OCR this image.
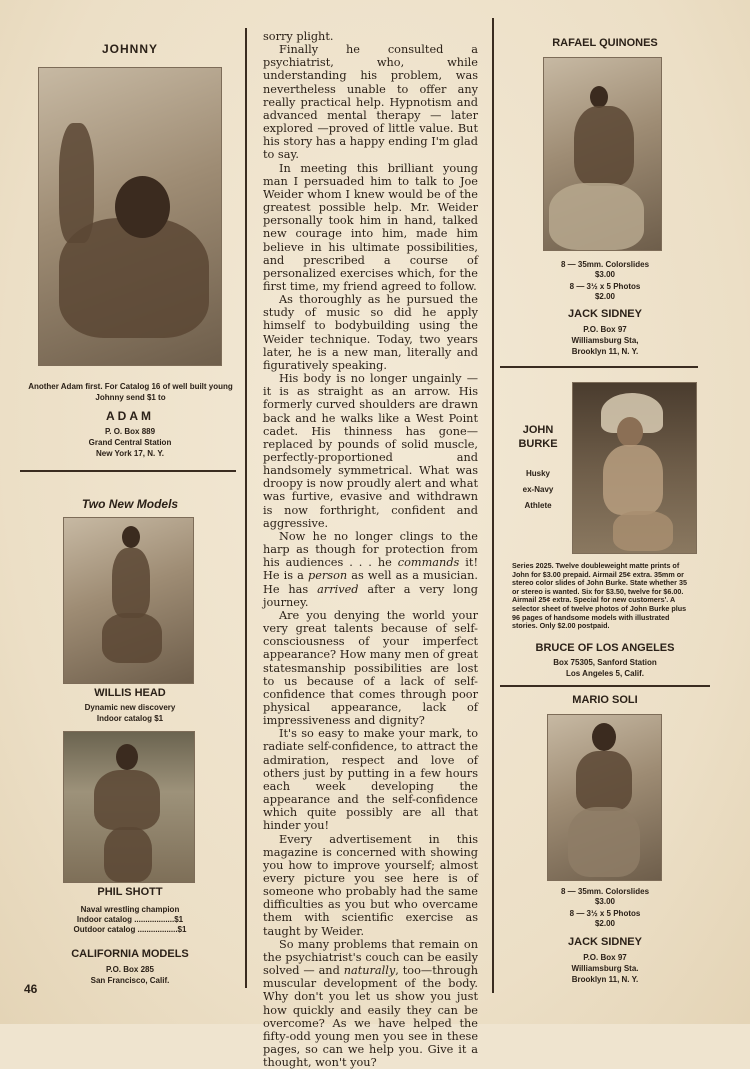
JOHNNY
Another Adam first. For Catalog 16 of well built young Johnny send $1 to
ADAM
P. O. Box 889
Grand Central Station
New York 17, N. Y.
Two New Models
WILLIS HEAD
Dynamic new discovery
Indoor catalog $1
PHIL SHOTT
Naval wrestling champion
Indoor catalog ..................$1
Outdoor catalog ..................$1
CALIFORNIA MODELS
P.O. Box 285
San Francisco, Calif.
46

sorry plight.

Finally he consulted a psychiatrist, who, while understanding his problem, was nevertheless unable to offer any really practical help. Hypnotism and advanced mental therapy — later explored —proved of little value. But his story has a happy ending I'm glad to say.

In meeting this brilliant young man I persuaded him to talk to Joe Weider whom I knew would be of the greatest possible help. Mr. Weider personally took him in hand, talked new courage into him, made him believe in his ultimate possibilities, and prescribed a course of personalized exercises which, for the first time, my friend agreed to follow.

As thoroughly as he pursued the study of music so did he apply himself to bodybuilding using the Weider technique. Today, two years later, he is a new man, literally and figuratively speaking.

His body is no longer ungainly — it is as straight as an arrow. His formerly curved shoulders are drawn back and he walks like a West Point cadet. His thinness has gone—replaced by pounds of solid muscle, perfectly-proportioned and handsomely symmetrical. What was droopy is now proudly alert and what was furtive, evasive and withdrawn is now forthright, confident and aggressive.

Now he no longer clings to the harp as though for protection from his audiences . . . he commands it! He is a person as well as a musician. He has arrived after a very long journey.

Are you denying the world your very great talents because of self-consciousness of your imperfect appearance? How many men of great statesmanship possibilities are lost to us because of a lack of self-confidence that comes through poor physical appearance, lack of impressiveness and dignity?

It's so easy to make your mark, to radiate self-confidence, to attract the admiration, respect and love of others just by putting in a few hours each week developing the appearance and the self-confidence which quite possibly are all that hinder you!

Every advertisement in this magazine is concerned with showing you how to improve yourself; almost every picture you see here is of someone who probably had the same difficulties as you but who overcame them with scientific exercise as taught by Weider.

So many problems that remain on the psychiatrist's couch can be easily solved — and naturally, too—through muscular development of the body. Why don't you let us show you just how quickly and easily they can be overcome? As we have helped the fifty-odd young men you see in these pages, so can we help you. Give it a thought, won't you?

RAFAEL QUINONES
8 — 35mm. Colorslides
$3.00
8 — 3½ x 5 Photos
$2.00
JACK SIDNEY
P.O. Box 97
Williamsburg Sta,
Brooklyn 11, N. Y.
JOHN
BURKE
Husky
ex-Navy
Athlete
Series 2025. Twelve doubleweight matte prints of John for $3.00 prepaid. Airmail 25¢ extra. 35mm or stereo color slides of John Burke. State whether 35 or stereo is wanted. Six for $3.50, twelve for $6.00. Airmail 25¢ extra. Special for new customers'. A selector sheet of twelve photos of John Burke plus 96 pages of handsome models with illustrated stories. Only $2.00 postpaid.
BRUCE OF LOS ANGELES
Box 75305, Sanford Station
Los Angeles 5, Calif.
MARIO SOLI
8 — 35mm. Colorslides
$3.00
8 — 3½ x 5 Photos
$2.00
JACK SIDNEY
P.O. Box 97
Williamsburg Sta.
Brooklyn 11, N. Y.
